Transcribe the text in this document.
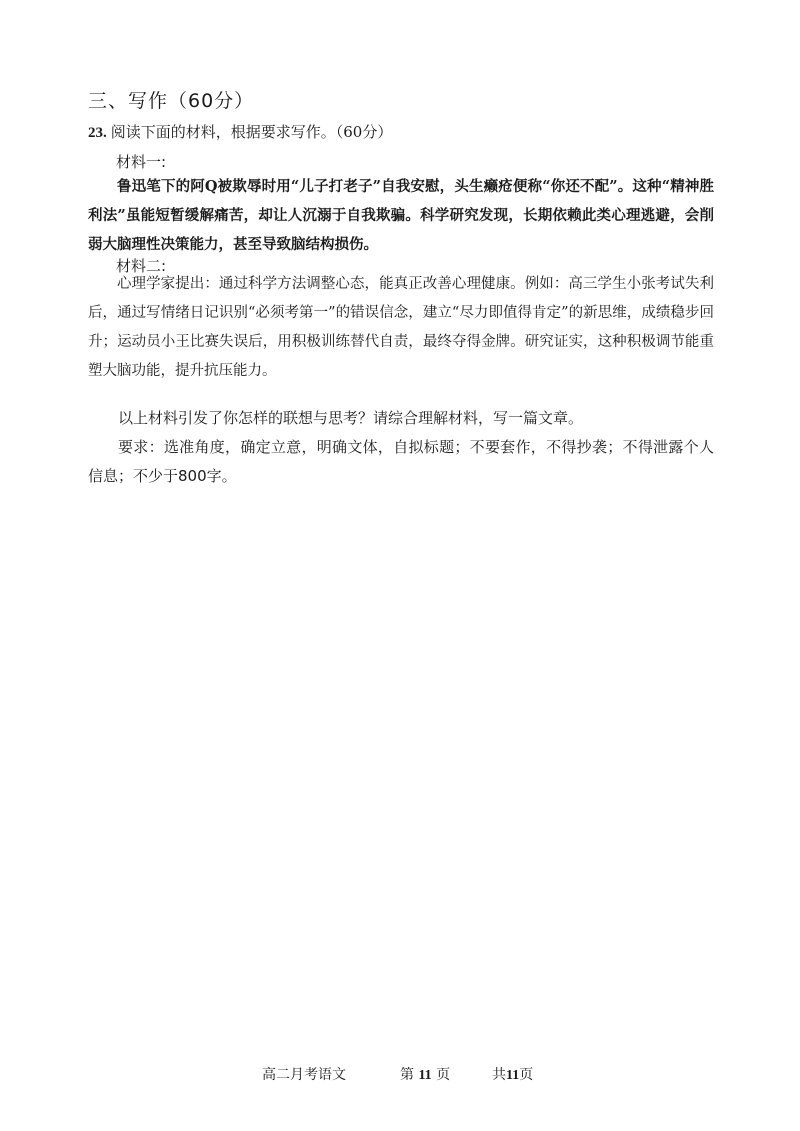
三、写作（60分）
23. 阅读下面的材料，根据要求写作。（60分）
材料一:
鲁迅笔下的阿Q被欺辱时用“儿子打老子”自我安慰，头生癞疮便称“你还不配”。这种“精神胜利法”虽能短暂缓解痛苦，却让人沉溺于自我欺骗。科学研究发现，长期依赖此类心理逃避，会削弱大脑理性决策能力，甚至导致脑结构损伤。
材料二:
心理学家提出：通过科学方法调整心态，能真正改善心理健康。例如：高三学生小张考试失利后，通过写情绪日记识别“必须考第一”的错误信念，建立“尽力即值得肯定”的新思维，成绩稳步回升；运动员小王比赛失误后，用积极训练替代自责，最终夺得金牌。研究证实，这种积极调节能重塑大脑功能，提升抗压能力。
以上材料引发了你怎样的联想与思考？请综合理解材料，写一篇文章。
要求：选准角度，确定立意，明确文体，自拟标题；不要套作，不得抄袭；不得泄露个人信息；不少于800字。
高二月考语文	第 11 页	共11页
